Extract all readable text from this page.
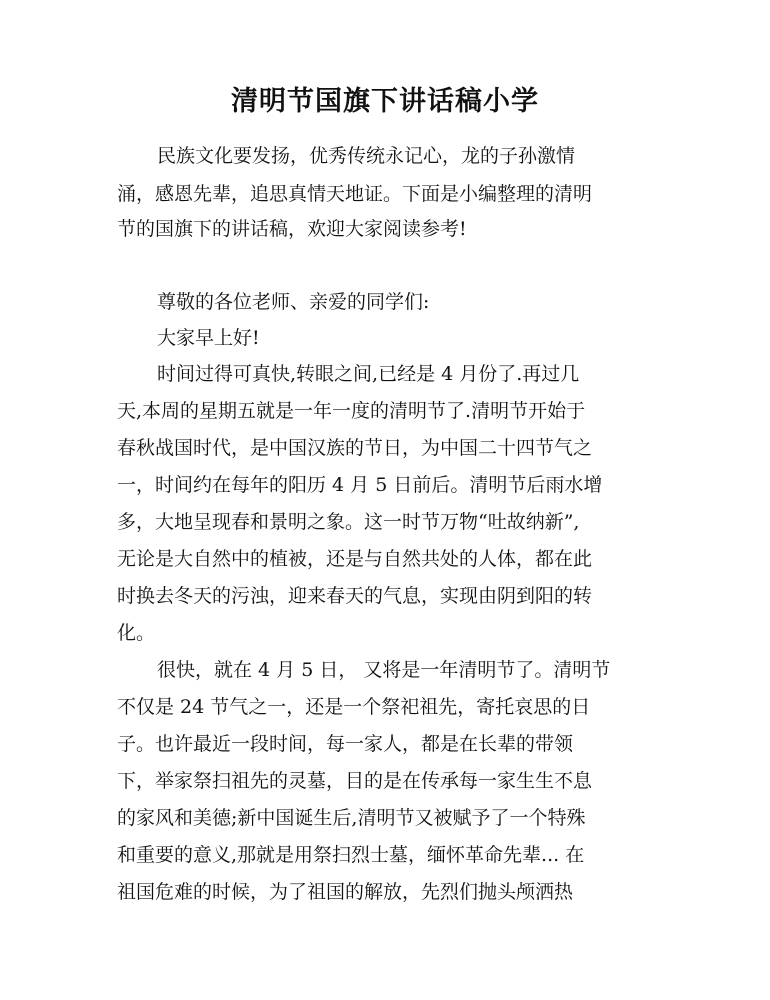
清明节国旗下讲话稿小学

民族文化要发扬，优秀传统永记心，龙的子孙激情

涌，感恩先辈，追思真情天地证。下面是小编整理的清明

节的国旗下的讲话稿，欢迎大家阅读参考!

尊敬的各位老师、亲爱的同学们:

大家早上好!

时间过得可真快,转眼之间,已经是 4 月份了.再过几

天,本周的星期五就是一年一度的清明节了.清明节开始于

春秋战国时代，是中国汉族的节日，为中国二十四节气之

一，时间约在每年的阳历 4 月 5 日前后。清明节后雨水增

多，大地呈现春和景明之象。这一时节万物“吐故纳新”,

无论是大自然中的植被，还是与自然共处的人体，都在此

时换去冬天的污浊，迎来春天的气息，实现由阴到阳的转

化。

很快，就在 4 月 5 日， 又将是一年清明节了。清明节

不仅是 24 节气之一，还是一个祭祀祖先，寄托哀思的日

子。也许最近一段时间，每一家人，都是在长辈的带领

下，举家祭扫祖先的灵墓，目的是在传承每一家生生不息

的家风和美德;新中国诞生后,清明节又被赋予了一个特殊

和重要的意义,那就是用祭扫烈士墓，缅怀革命先辈... 在

祖国危难的时候，为了祖国的解放，先烈们抛头颅洒热
